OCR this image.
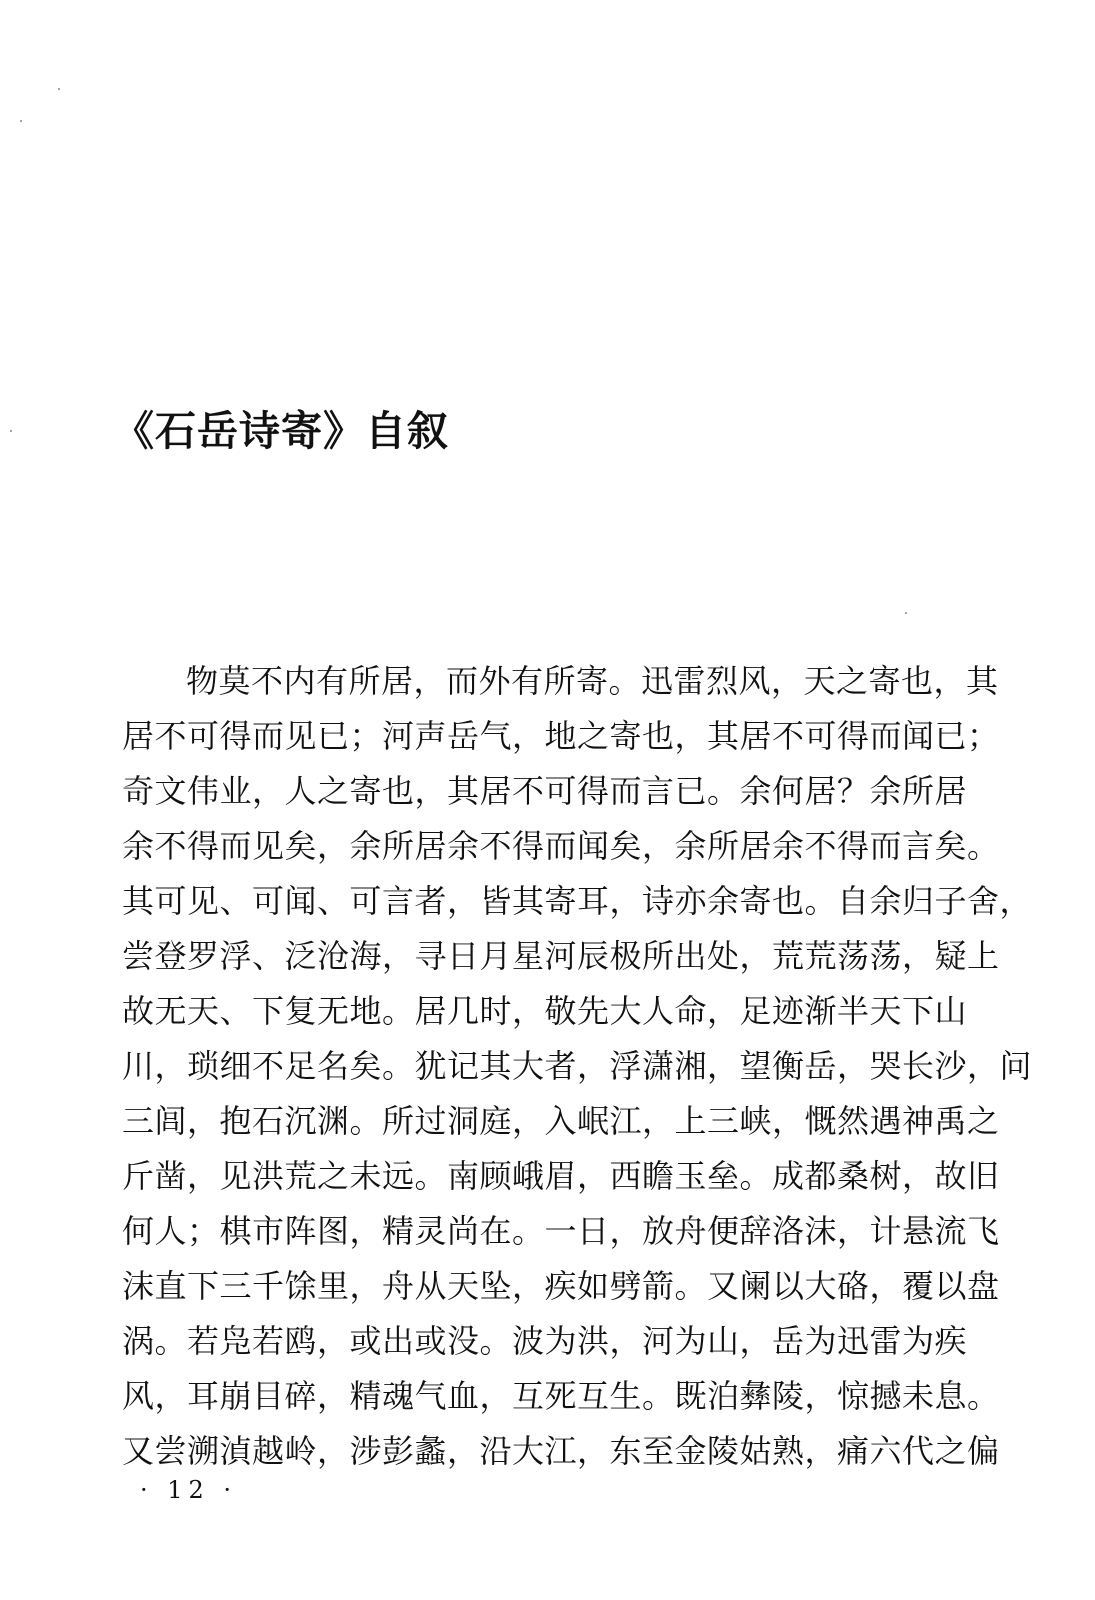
《石岳诗寄》自叙
物莫不内有所居，而外有所寄。迅雷烈风，天之寄也，其
居不可得而见已；河声岳气，地之寄也，其居不可得而闻已；
奇文伟业，人之寄也，其居不可得而言已。余何居？余所居
余不得而见矣，余所居余不得而闻矣，余所居余不得而言矣。
其可见、可闻、可言者，皆其寄耳，诗亦余寄也。自余归子舍，
尝登罗浮、泛沧海，寻日月星河辰极所出处，荒荒荡荡，疑上
故无天、下复无地。居几时，敬先大人命，足迹渐半天下山
川，琐细不足名矣。犹记其大者，浮潇湘，望衡岳，哭长沙，问
三闾，抱石沉渊。所过洞庭，入岷江，上三峡，慨然遇神禹之
斤凿，见洪荒之未远。南顾峨眉，西瞻玉垒。成都桑树，故旧
何人；棋市阵图，精灵尚在。一日，放舟便辞洛沫，计悬流飞
沫直下三千馀里，舟从天坠，疾如劈箭。又阑以大硌，覆以盘
涡。若凫若鸥，或出或没。波为洪，河为山，岳为迅雷为疾
风，耳崩目碎，精魂气血，互死互生。既泊彝陵，惊撼未息。
又尝溯湞越岭，涉彭蠡，沿大江，东至金陵姑熟，痛六代之偏
· 12 ·
